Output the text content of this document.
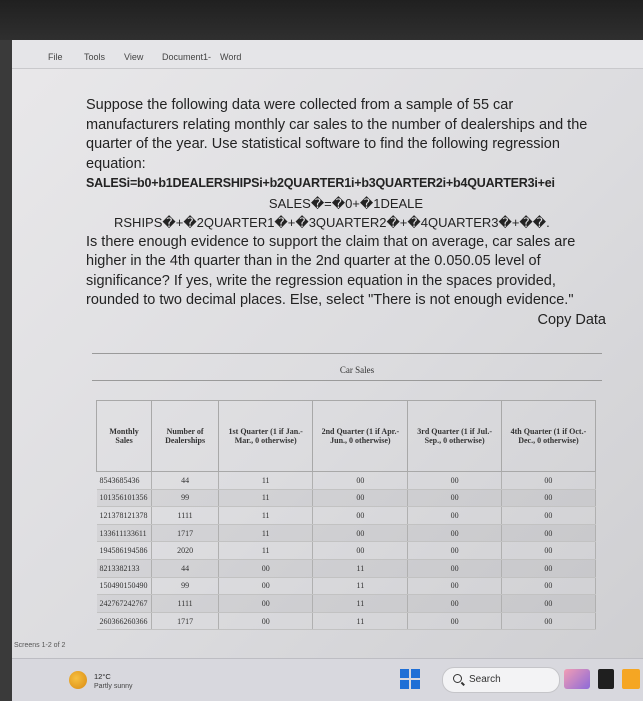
File Tools View Document1 - Word

Suppose the following data were collected from a sample of 55 car manufacturers relating monthly car sales to the number of dealerships and the quarter of the year. Use statistical software to find the following regression equation:

SALESi=b0+b1DEALERSHIPSi+b2QUARTER1i+b3QUARTER2i+b4QUARTER3i+ei

SALES�=�0+�1DEALE

RSHIPS�+�2QUARTER1�+�3QUARTER2�+�4QUARTER3�+��.

Is there enough evidence to support the claim that on average, car sales are higher in the 4th quarter than in the 2nd quarter at the 0.050.05 level of significance? If yes, write the regression equation in the spaces provided, rounded to two decimal places. Else, select "There is not enough evidence."

Copy Data

Car Sales
Monthly Sales	Number of Dealerships	1st Quarter (1 if Jan.-Mar., 0 otherwise)	2nd Quarter (1 if Apr.-Jun., 0 otherwise)	3rd Quarter (1 if Jul.-Sep., 0 otherwise)	4th Quarter (1 if Oct.-Dec., 0 otherwise)
8543685436	44	11	00	00	00
101356101356	99	11	00	00	00
121378121378	1111	11	00	00	00
133611133611	1717	11	00	00	00
194586194586	2020	11	00	00	00
8213382133	44	00	11	00	00
150490150490	99	00	11	00	00
242767242767	1111	00	11	00	00
260366260366	1717	00	11	00	00
Screens 1-2 of 2
12°C
Partly sunny
Search
